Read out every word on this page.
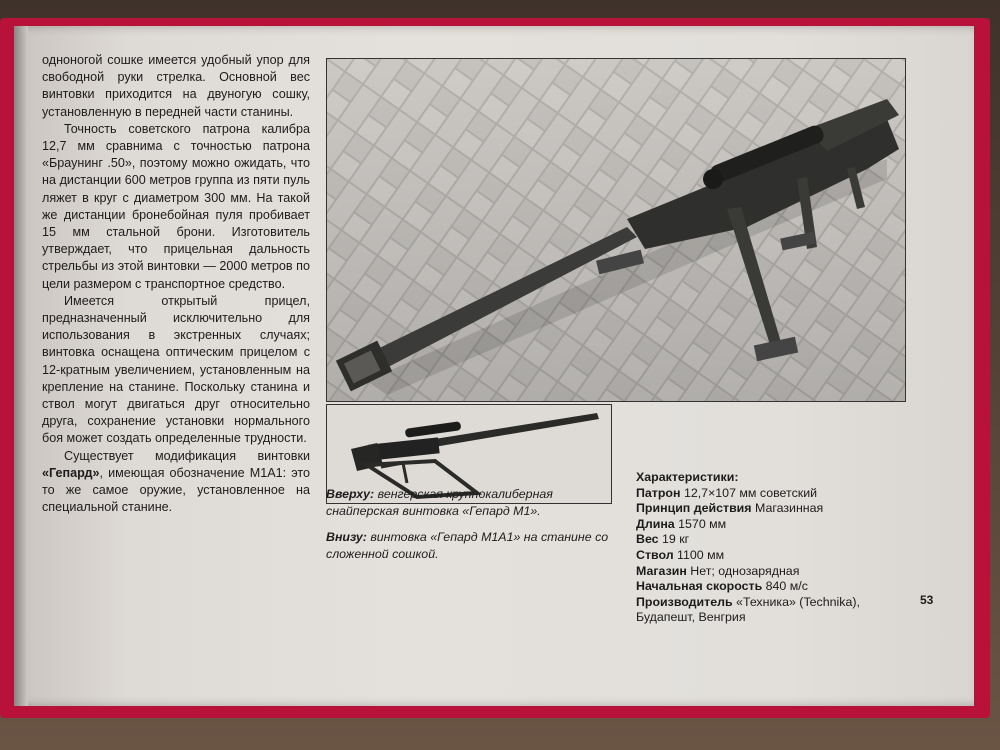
одноногой сошке имеется удобный упор для свободной руки стрелка. Основной вес винтовки приходится на двуногую сошку, установленную в передней части станины.

Точность советского патрона калибра 12,7 мм сравнима с точностью патрона «Браунинг .50», поэтому можно ожидать, что на дистанции 600 метров группа из пяти пуль ляжет в круг с диаметром 300 мм. На такой же дистанции бронебойная пуля пробивает 15 мм стальной брони. Изготовитель утверждает, что прицельная дальность стрельбы из этой винтовки — 2000 метров по цели размером с транспортное средство.

Имеется открытый прицел, предназначенный исключительно для использования в экстренных случаях; винтовка оснащена оптическим прицелом с 12-кратным увеличением, установленным на крепление на станине. Поскольку станина и ствол могут двигаться друг относительно друга, сохранение установки нормального боя может создать определенные трудности.

Существует модификация винтовки «Гепард», имеющая обозначение М1А1: это то же самое оружие, установленное на специальной станине.

Вверху: венгерская крупнокалиберная снайперская винтовка «Гепард М1».
Внизу: винтовка «Гепард М1А1» на станине со сложенной сошкой.
Характеристики:
Патрон 12,7×107 мм советский
Принцип действия Магазинная
Длина 1570 мм
Вес 19 кг
Ствол 1100 мм
Магазин Нет; однозарядная
Начальная скорость 840 м/с
Производитель «Техника» (Technika), Будапешт, Венгрия
53
